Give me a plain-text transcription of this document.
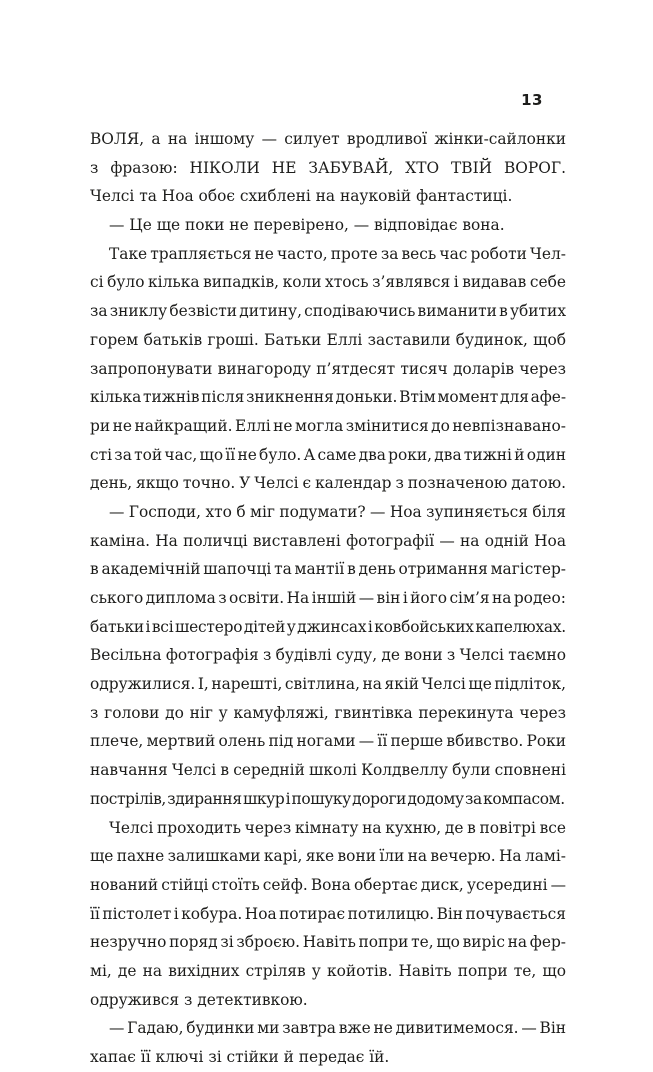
13
ВОЛЯ, а на іншому — силует вродливої жінки-сайлонки
з фразою: НІКОЛИ НЕ ЗАБУВАЙ, ХТО ТВІЙ ВОРОГ.
Челсі та Ноа обоє схиблені на науковій фантастиці.
— Це ще поки не перевірено, — відповідає вона.
Таке трапляється не часто, проте за весь час роботи Чел-
сі було кілька випадків, коли хтось з’являвся і видавав себе
за зниклу безвісти дитину, сподіваючись виманити в убитих
горем батьків гроші. Батьки Еллі заставили будинок, щоб
запропонувати винагороду п’ятдесят тисяч доларів через
кілька тижнів після зникнення доньки. Втім момент для афе-
ри не найкращий. Еллі не могла змінитися до невпізнаванo-
сті за той час, що її не було. А саме два роки, два тижні й один
день, якщо точно. У Челсі є календар з позначеною датою.
— Господи, хто б міг подумати? — Ноа зупиняється біля
каміна. На поличці виставлені фотографії — на одній Ноа
в академічній шапочці та мантії в день отримання магістер-
ського диплома з освіти. На іншій — він і його сім’я на родео:
батьки і всі шестеро дітей у джинсах і ковбойських капелюхах.
Весільна фотографія з будівлі суду, де вони з Челсі таємно
одружилися. І, нарешті, світлина, на якій Челсі ще підліток,
з голови до ніг у камуфляжі, гвинтівка перекинута через
плече, мертвий олень під ногами — її перше вбивство. Роки
навчання Челсі в середній школі Колдвеллу були сповнені
пострілів, здирання шкур і пошуку дороги додому за компасом.
Челсі проходить через кімнату на кухню, де в повітрі все
ще пахне залишками карі, яке вони їли на вечерю. На ламі-
нований стійці стоїть сейф. Вона обертає диск, усередині —
її пістолет і кобура. Ноа потирає потилицю. Він почувається
незручно поряд зі зброєю. Навіть попри те, що виріс на фер-
мі, де на вихідних стріляв у койотів. Навіть попри те, що
одружився з детективкою.
— Гадаю, будинки ми завтра вже не дивитимемося. — Він
хапає її ключі зі стійки й передає їй.
